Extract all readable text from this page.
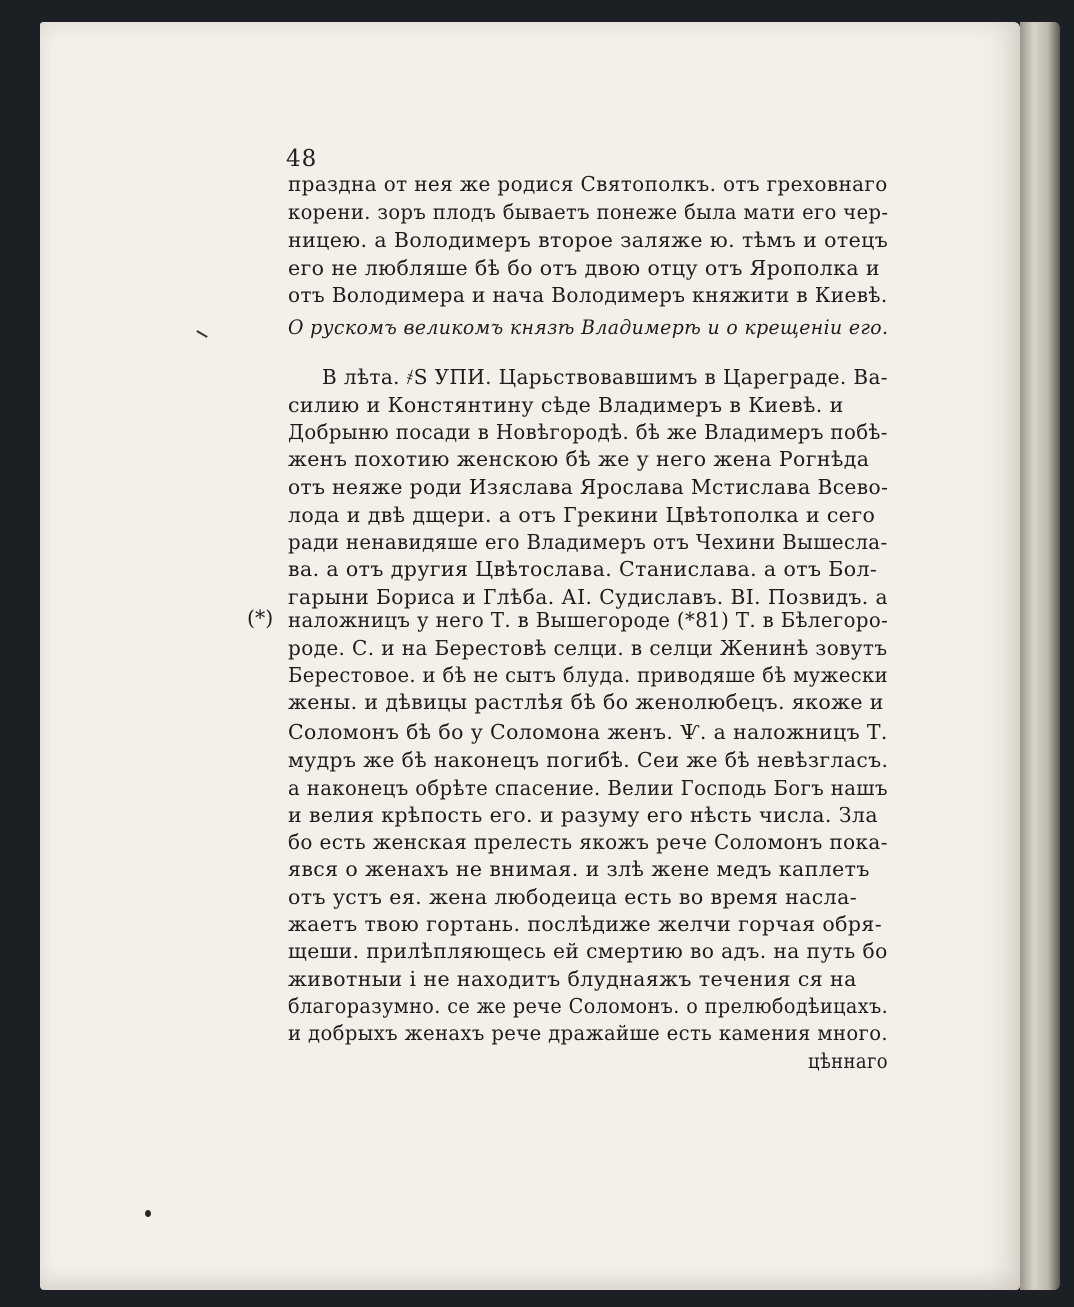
48
(*)
праздна от нея же родися Святополкъ. отъ греховнаго
корени. зоръ плодъ бываетъ понеже была мати его чер-
ницею. а Володимеръ второе заляже ю. тѣмъ и отецъ
его не любляше бѣ бо отъ двою отцу отъ Ярополка и
отъ Володимера и нача Володимеръ княжити в Киевѣ.
О рускомъ великомъ князѣ Владимерѣ и о крещеніи его.
В лѣта. ҂S УПИ. Царьствовавшимъ в Цареграде. Ва-
силию и Констянтину сѣде Владимеръ в Киевѣ. и
Добрыню посади в Новѣгородѣ. бѣ же Владимеръ побѣ-
женъ похотию женскою бѣ же у него жена Рогнѣда
отъ неяже роди Изяслава Ярослава Мстислава Всево-
лода и двѣ дщери. а отъ Грекини Цвѣтополка и сего
ради ненавидяше его Владимеръ отъ Чехини Вышесла-
ва. а отъ другия Цвѣтослава. Станислава. а отъ Бол-
гарыни Бориса и Глѣба. АІ. Судиславъ. ВІ. Позвидъ. а
наложницъ у него Т. в Вышегороде (*81) Т. в Бѣлегоро-
роде. С. и на Берестовѣ селци. в селци Женинѣ зовутъ
Берестовое. и бѣ не сытъ блуда. приводяше бѣ мужески
жены. и дѣвицы растлѣя бѣ бо женолюбецъ. якоже и
Соломонъ бѣ бо у Соломона женъ. Ѱ. а наложницъ Т.
мудръ же бѣ наконецъ погибѣ. Сеи же бѣ невѣзгласъ.
а наконецъ обрѣте спасение. Велии Господь Богъ нашъ
и велия крѣпость его. и разуму его нѣсть числа. Зла
бо есть женская прелесть якожъ рече Соломонъ пока-
явся о женахъ не внимая. и злѣ жене медъ каплетъ
отъ устъ ея. жена любодеица есть во время насла-
жаетъ твою гортань. послѣдиже желчи горчая обря-
щеши. прилѣпляющесь ей смертию во адъ. на путь бо
животныи і не находитъ блуднаяжъ течения ся на
благоразумно. се же рече Соломонъ. о прелюбодѣицахъ.
и добрыхъ женахъ рече дражайше есть камения много.
цѣннаго
